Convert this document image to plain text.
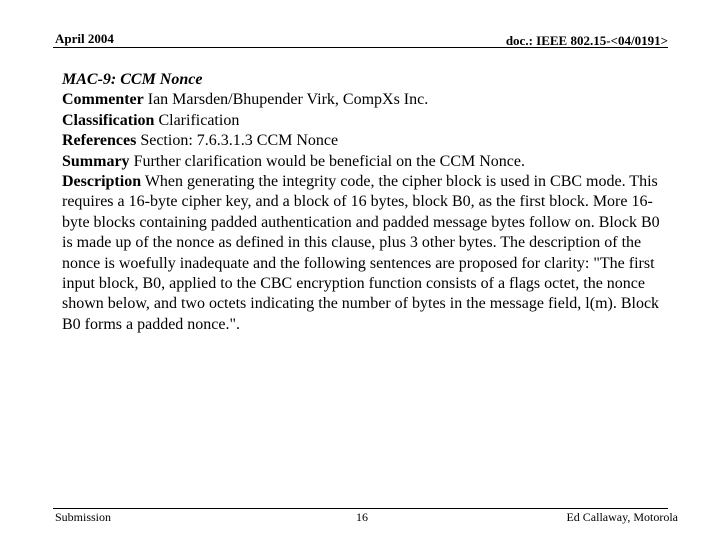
April 2004	doc.: IEEE 802.15-<04/0191>

MAC-9: CCM Nonce

Commenter Ian Marsden/Bhupender Virk, CompXs Inc.

Classification Clarification

References Section: 7.6.3.1.3 CCM Nonce

Summary Further clarification would be beneficial on the CCM Nonce.

Description When generating the integrity code, the cipher block is used in CBC mode. This requires a 16-byte cipher key, and a block of 16 bytes, block B0, as the first block. More 16-byte blocks containing padded authentication and padded message bytes follow on. Block B0 is made up of the nonce as defined in this clause, plus 3 other bytes. The description of the nonce is woefully inadequate and the following sentences are proposed for clarity: "The first input block, B0, applied to the CBC encryption function consists of a flags octet, the nonce shown below, and two octets indicating the number of bytes in the message field, l(m). Block B0 forms a padded nonce.".

Submission	16	Ed Callaway, Motorola
